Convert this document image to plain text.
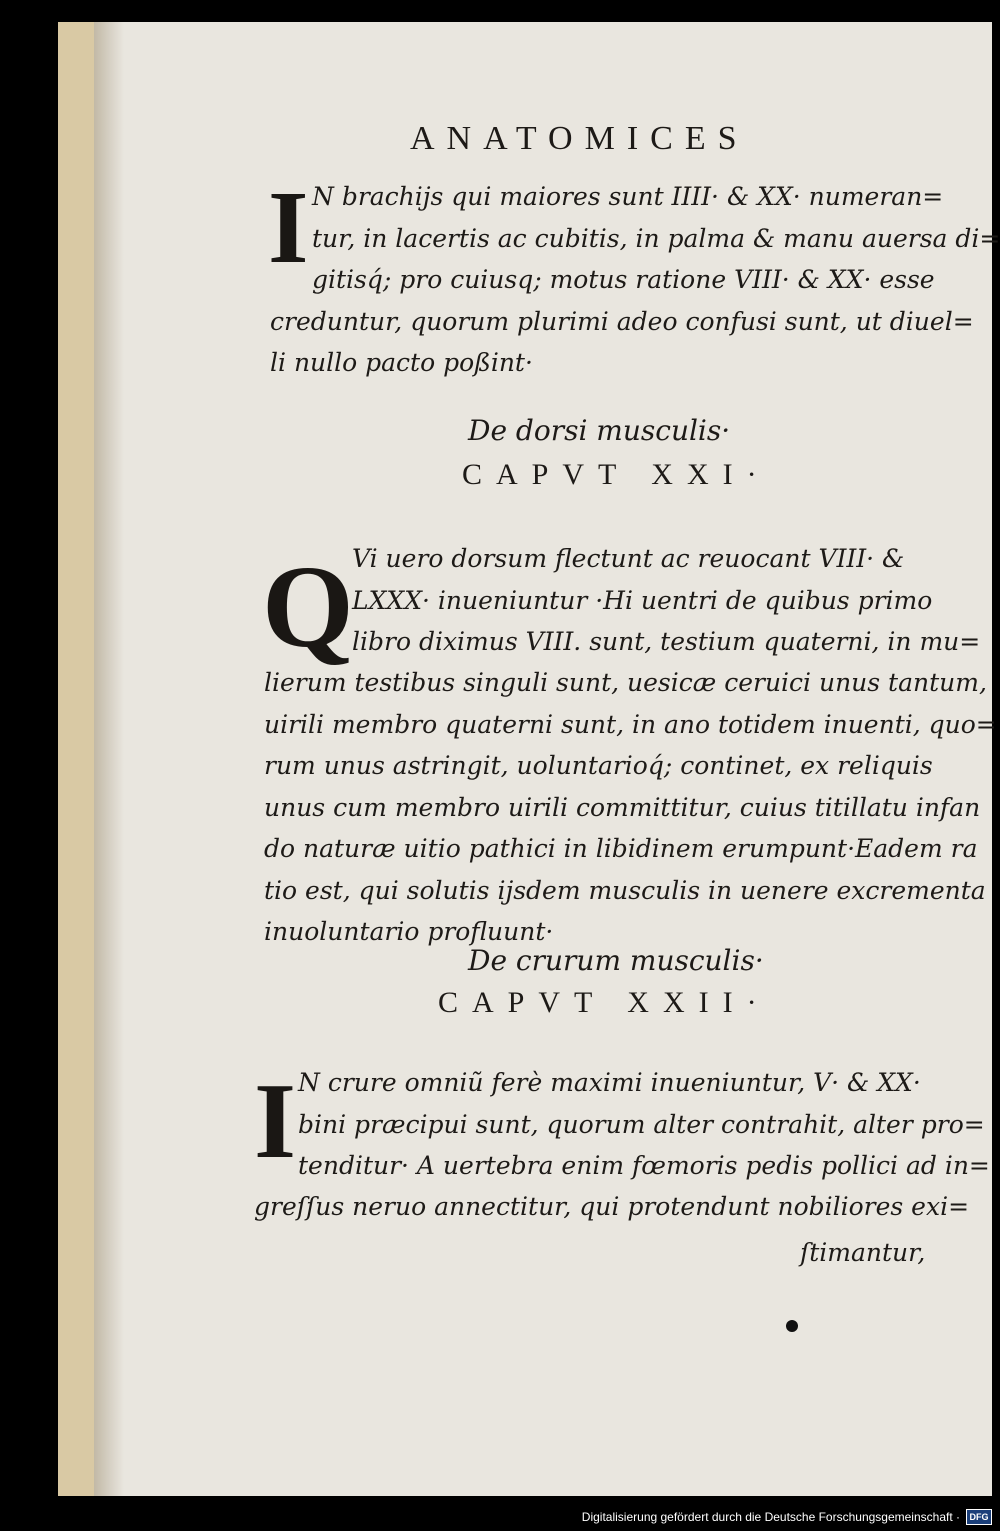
ANATOMICES
I N brachijs qui maiores sunt IIII· & XX· numeran=
tur, in lacertis ac cubitis, in palma & manu auersa di=
gitisq́; pro cuiusq; motus ratione VIII· & XX· esse
creduntur, quorum plurimi adeo confusi sunt, ut diuel=
li nullo pacto poßint·
De dorsi musculis·
CAPVT XXI·
Q
Vi uero dorsum flectunt ac reuocant VIII· &
LXXX· inueniuntur ·Hi uentri de quibus primo
libro diximus VIII. sunt, testium quaterni, in mu=
lierum testibus singuli sunt, uesicæ ceruici unus tantum,
uirili membro quaterni sunt, in ano totidem inuenti, quo=
rum unus astringit, uoluntarioq́; continet, ex reliquis
unus cum membro uirili committitur, cuius titillatu infan
do naturæ uitio pathici in libidinem erumpunt·Eadem ra
tio est, qui solutis ijsdem musculis in uenere excrementa
inuoluntario profluunt·
De crurum musculis·
CAPVT XXII·
I N crure omniũ ferè maximi inueniuntur, V· & XX·
bini præcipui sunt, quorum alter contrahit, alter pro=
tenditur· A uertebra enim fœmoris pedis pollici ad in=
greſſus neruo annectitur, qui protendunt nobiliores exi=
ſtimantur,
Digitalisierung gefördert durch die Deutsche Forschungsgemeinschaft ·	DFG
